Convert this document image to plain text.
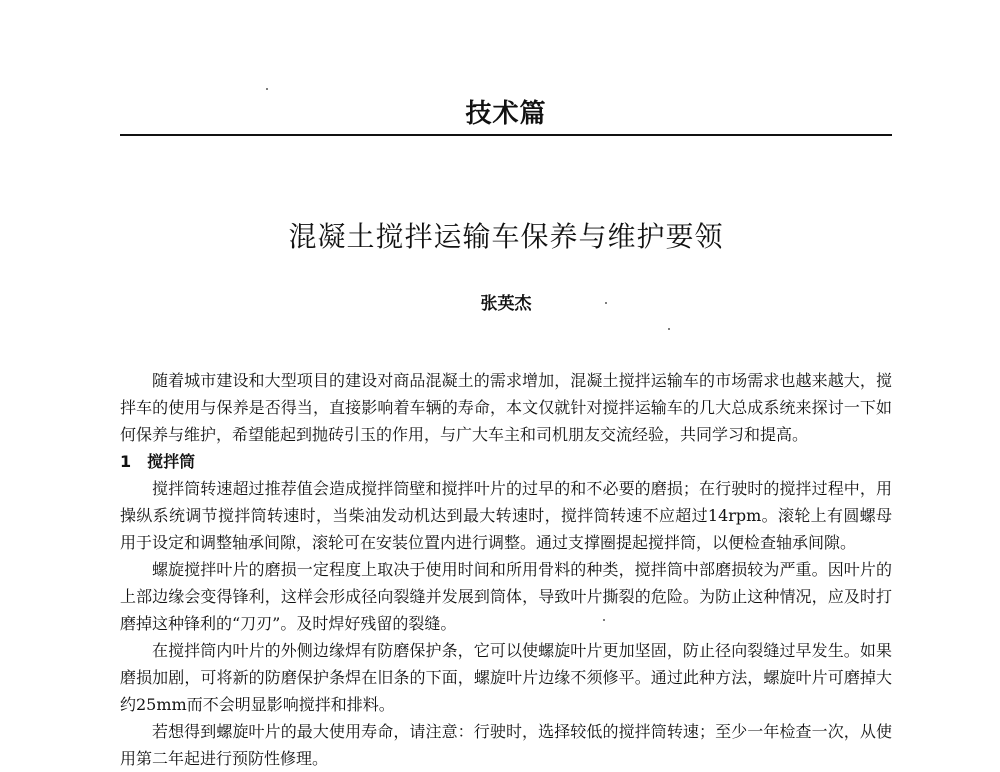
技术篇
混凝土搅拌运输车保养与维护要领
张英杰

随着城市建设和大型项目的建设对商品混凝土的需求增加，混凝土搅拌运输车的市场需求也越来越大，搅拌车的使用与保养是否得当，直接影响着车辆的寿命，本文仅就针对搅拌运输车的几大总成系统来探讨一下如何保养与维护，希望能起到抛砖引玉的作用，与广大车主和司机朋友交流经验，共同学习和提高。

1　搅拌筒

搅拌筒转速超过推荐值会造成搅拌筒壁和搅拌叶片的过早的和不必要的磨损；在行驶时的搅拌过程中，用操纵系统调节搅拌筒转速时，当柴油发动机达到最大转速时，搅拌筒转速不应超过14rpm。滚轮上有圆螺母用于设定和调整轴承间隙，滚轮可在安装位置内进行调整。通过支撑圈提起搅拌筒，以便检查轴承间隙。

螺旋搅拌叶片的磨损一定程度上取决于使用时间和所用骨料的种类，搅拌筒中部磨损较为严重。因叶片的上部边缘会变得锋利，这样会形成径向裂缝并发展到筒体，导致叶片撕裂的危险。为防止这种情况，应及时打磨掉这种锋利的“刀刃”。及时焊好残留的裂缝。

在搅拌筒内叶片的外侧边缘焊有防磨保护条，它可以使螺旋叶片更加坚固，防止径向裂缝过早发生。如果磨损加剧，可将新的防磨保护条焊在旧条的下面，螺旋叶片边缘不须修平。通过此种方法，螺旋叶片可磨掉大约25mm而不会明显影响搅拌和排料。

若想得到螺旋叶片的最大使用寿命，请注意：行驶时，选择较低的搅拌筒转速；至少一年检查一次，从使用第二年起进行预防性修理。
